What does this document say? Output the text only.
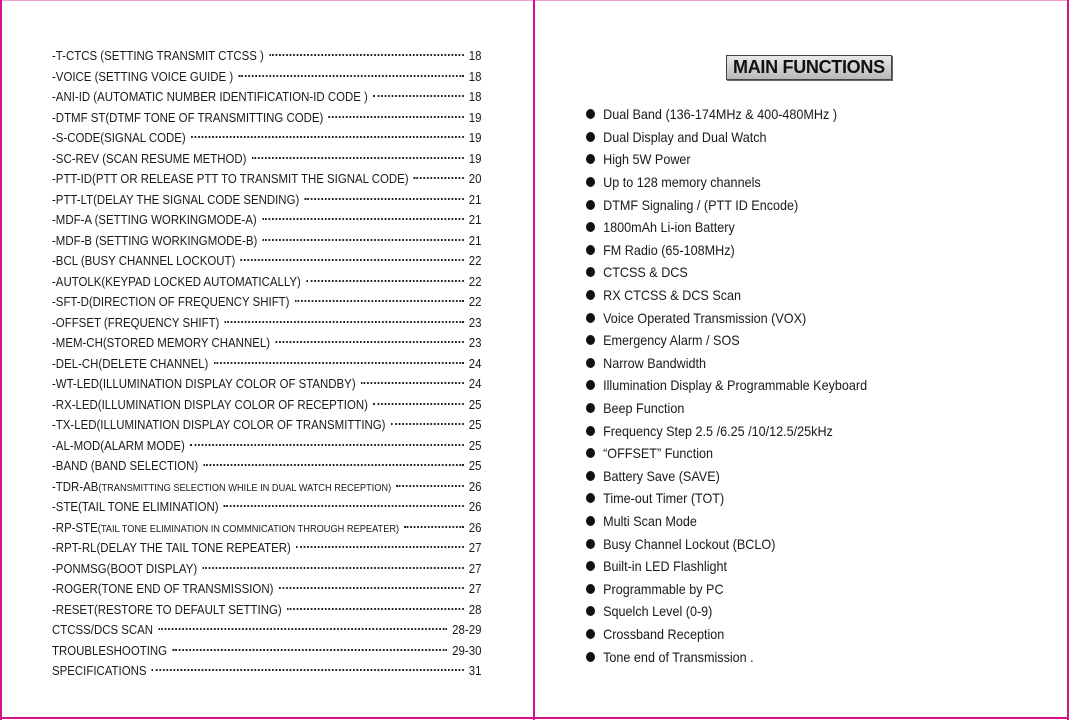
-T-CTCS (SETTING TRANSMIT CTCSS )	18
-VOICE (SETTING VOICE GUIDE )	18
-ANI-ID (AUTOMATIC NUMBER IDENTIFICATION-ID CODE )	18
-DTMF ST(DTMF TONE OF TRANSMITTING CODE)	19
-S-CODE(SIGNAL CODE)	19
-SC-REV (SCAN RESUME METHOD)	19
-PTT-ID(PTT OR RELEASE PTT TO TRANSMIT THE SIGNAL CODE)	20
-PTT-LT(DELAY THE SIGNAL CODE SENDING)	21
-MDF-A (SETTING WORKINGMODE-A)	21
-MDF-B (SETTING WORKINGMODE-B)	21
-BCL (BUSY CHANNEL LOCKOUT)	22
-AUTOLK(KEYPAD LOCKED AUTOMATICALLY)	22
-SFT-D(DIRECTION OF FREQUENCY SHIFT)	22
-OFFSET (FREQUENCY SHIFT)	23
-MEM-CH(STORED MEMORY CHANNEL)	23
-DEL-CH(DELETE CHANNEL)	24
-WT-LED(ILLUMINATION DISPLAY COLOR OF STANDBY)	24
-RX-LED(ILLUMINATION DISPLAY COLOR OF RECEPTION)	25
-TX-LED(ILLUMINATION DISPLAY COLOR OF TRANSMITTING)	25
-AL-MOD(ALARM MODE)	25
-BAND (BAND SELECTION)	25
-TDR-AB(TRANSMITTING SELECTION WHILE IN DUAL WATCH RECEPTION)	26
-STE(TAIL TONE ELIMINATION)	26
-RP-STE(TAIL TONE ELIMINATION IN COMMNICATION THROUGH REPEATER)	26
-RPT-RL(DELAY THE TAIL TONE REPEATER)	27
-PONMSG(BOOT DISPLAY)	27
-ROGER(TONE END OF TRANSMISSION)	27
-RESET(RESTORE TO DEFAULT SETTING)	28
CTCSS/DCS SCAN	28-29
TROUBLESHOOTING	29-30
SPECIFICATIONS	31
MAIN FUNCTIONS
Dual Band (136-174MHz & 400-480MHz )
Dual Display and Dual Watch
High 5W Power
Up to 128 memory channels
DTMF Signaling / (PTT ID Encode)
1800mAh Li-ion Battery
FM Radio (65-108MHz)
CTCSS & DCS
RX CTCSS & DCS Scan
Voice Operated Transmission (VOX)
Emergency Alarm / SOS
Narrow Bandwidth
Illumination Display & Programmable Keyboard
Beep Function
Frequency Step 2.5 /6.25 /10/12.5/25kHz
“OFFSET” Function
Battery Save (SAVE)
Time-out Timer (TOT)
Multi Scan Mode
Busy Channel Lockout (BCLO)
Built-in LED Flashlight
Programmable by PC
Squelch Level (0-9)
Crossband Reception
Tone end of Transmission .
